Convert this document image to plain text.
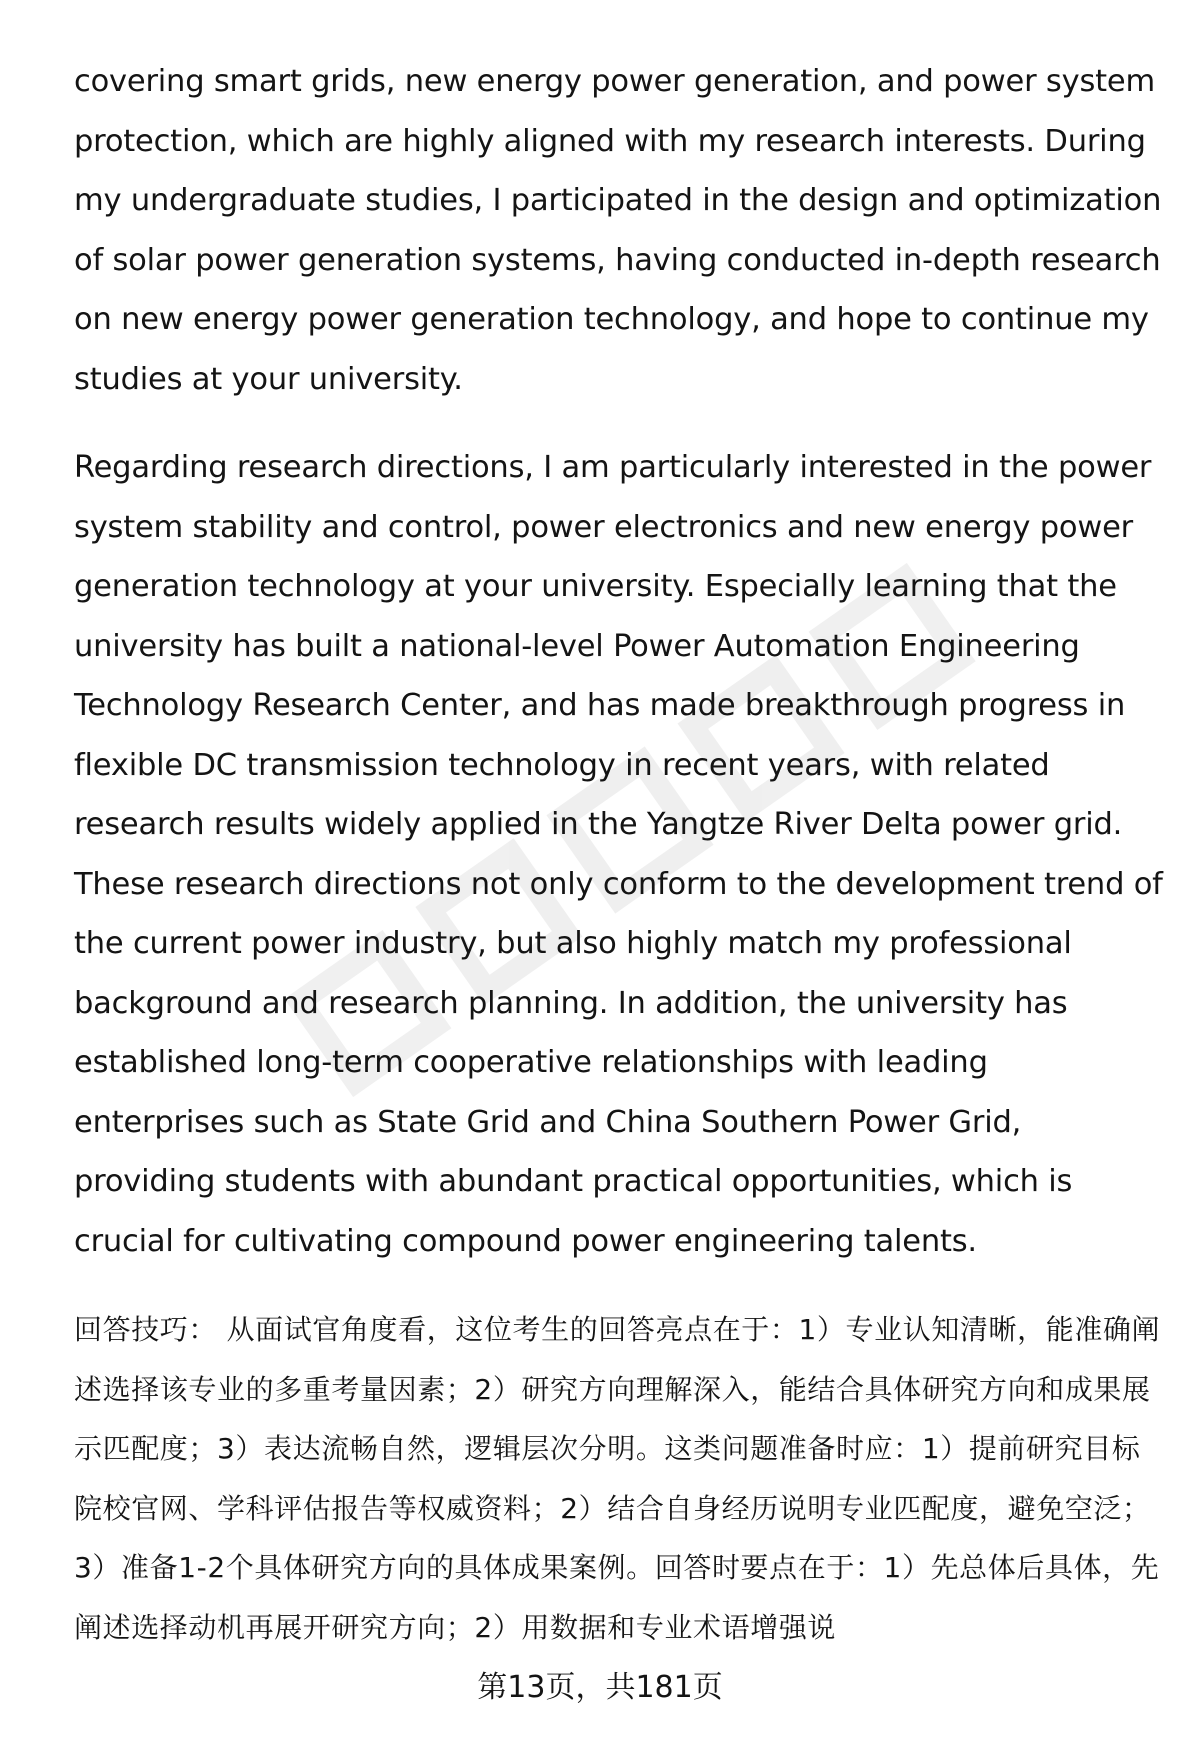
covering smart grids, new energy power generation, and power system protection, which are highly aligned with my research interests. During my undergraduate studies, I participated in the design and optimization of solar power generation systems, having conducted in-depth research on new energy power generation technology, and hope to continue my studies at your university.

Regarding research directions, I am particularly interested in the power system stability and control, power electronics and new energy power generation technology at your university. Especially learning that the university has built a national-level Power Automation Engineering Technology Research Center, and has made breakthrough progress in flexible DC transmission technology in recent years, with related research results widely applied in the Yangtze River Delta power grid. These research directions not only conform to the development trend of the current power industry, but also highly match my professional background and research planning. In addition, the university has established long-term cooperative relationships with leading enterprises such as State Grid and China Southern Power Grid, providing students with abundant practical opportunities, which is crucial for cultivating compound power engineering talents.

回答技巧： 从面试官角度看，这位考生的回答亮点在于：1）专业认知清晰，能准确阐述选择该专业的多重考量因素；2）研究方向理解深入，能结合具体研究方向和成果展示匹配度；3）表达流畅自然，逻辑层次分明。这类问题准备时应：1）提前研究目标院校官网、学科评估报告等权威资料；2）结合自身经历说明专业匹配度，避免空泛；3）准备1-2个具体研究方向的具体成果案例。回答时要点在于：1）先总体后具体，先阐述选择动机再展开研究方向；2）用数据和专业术语增强说

第13页，共181页
